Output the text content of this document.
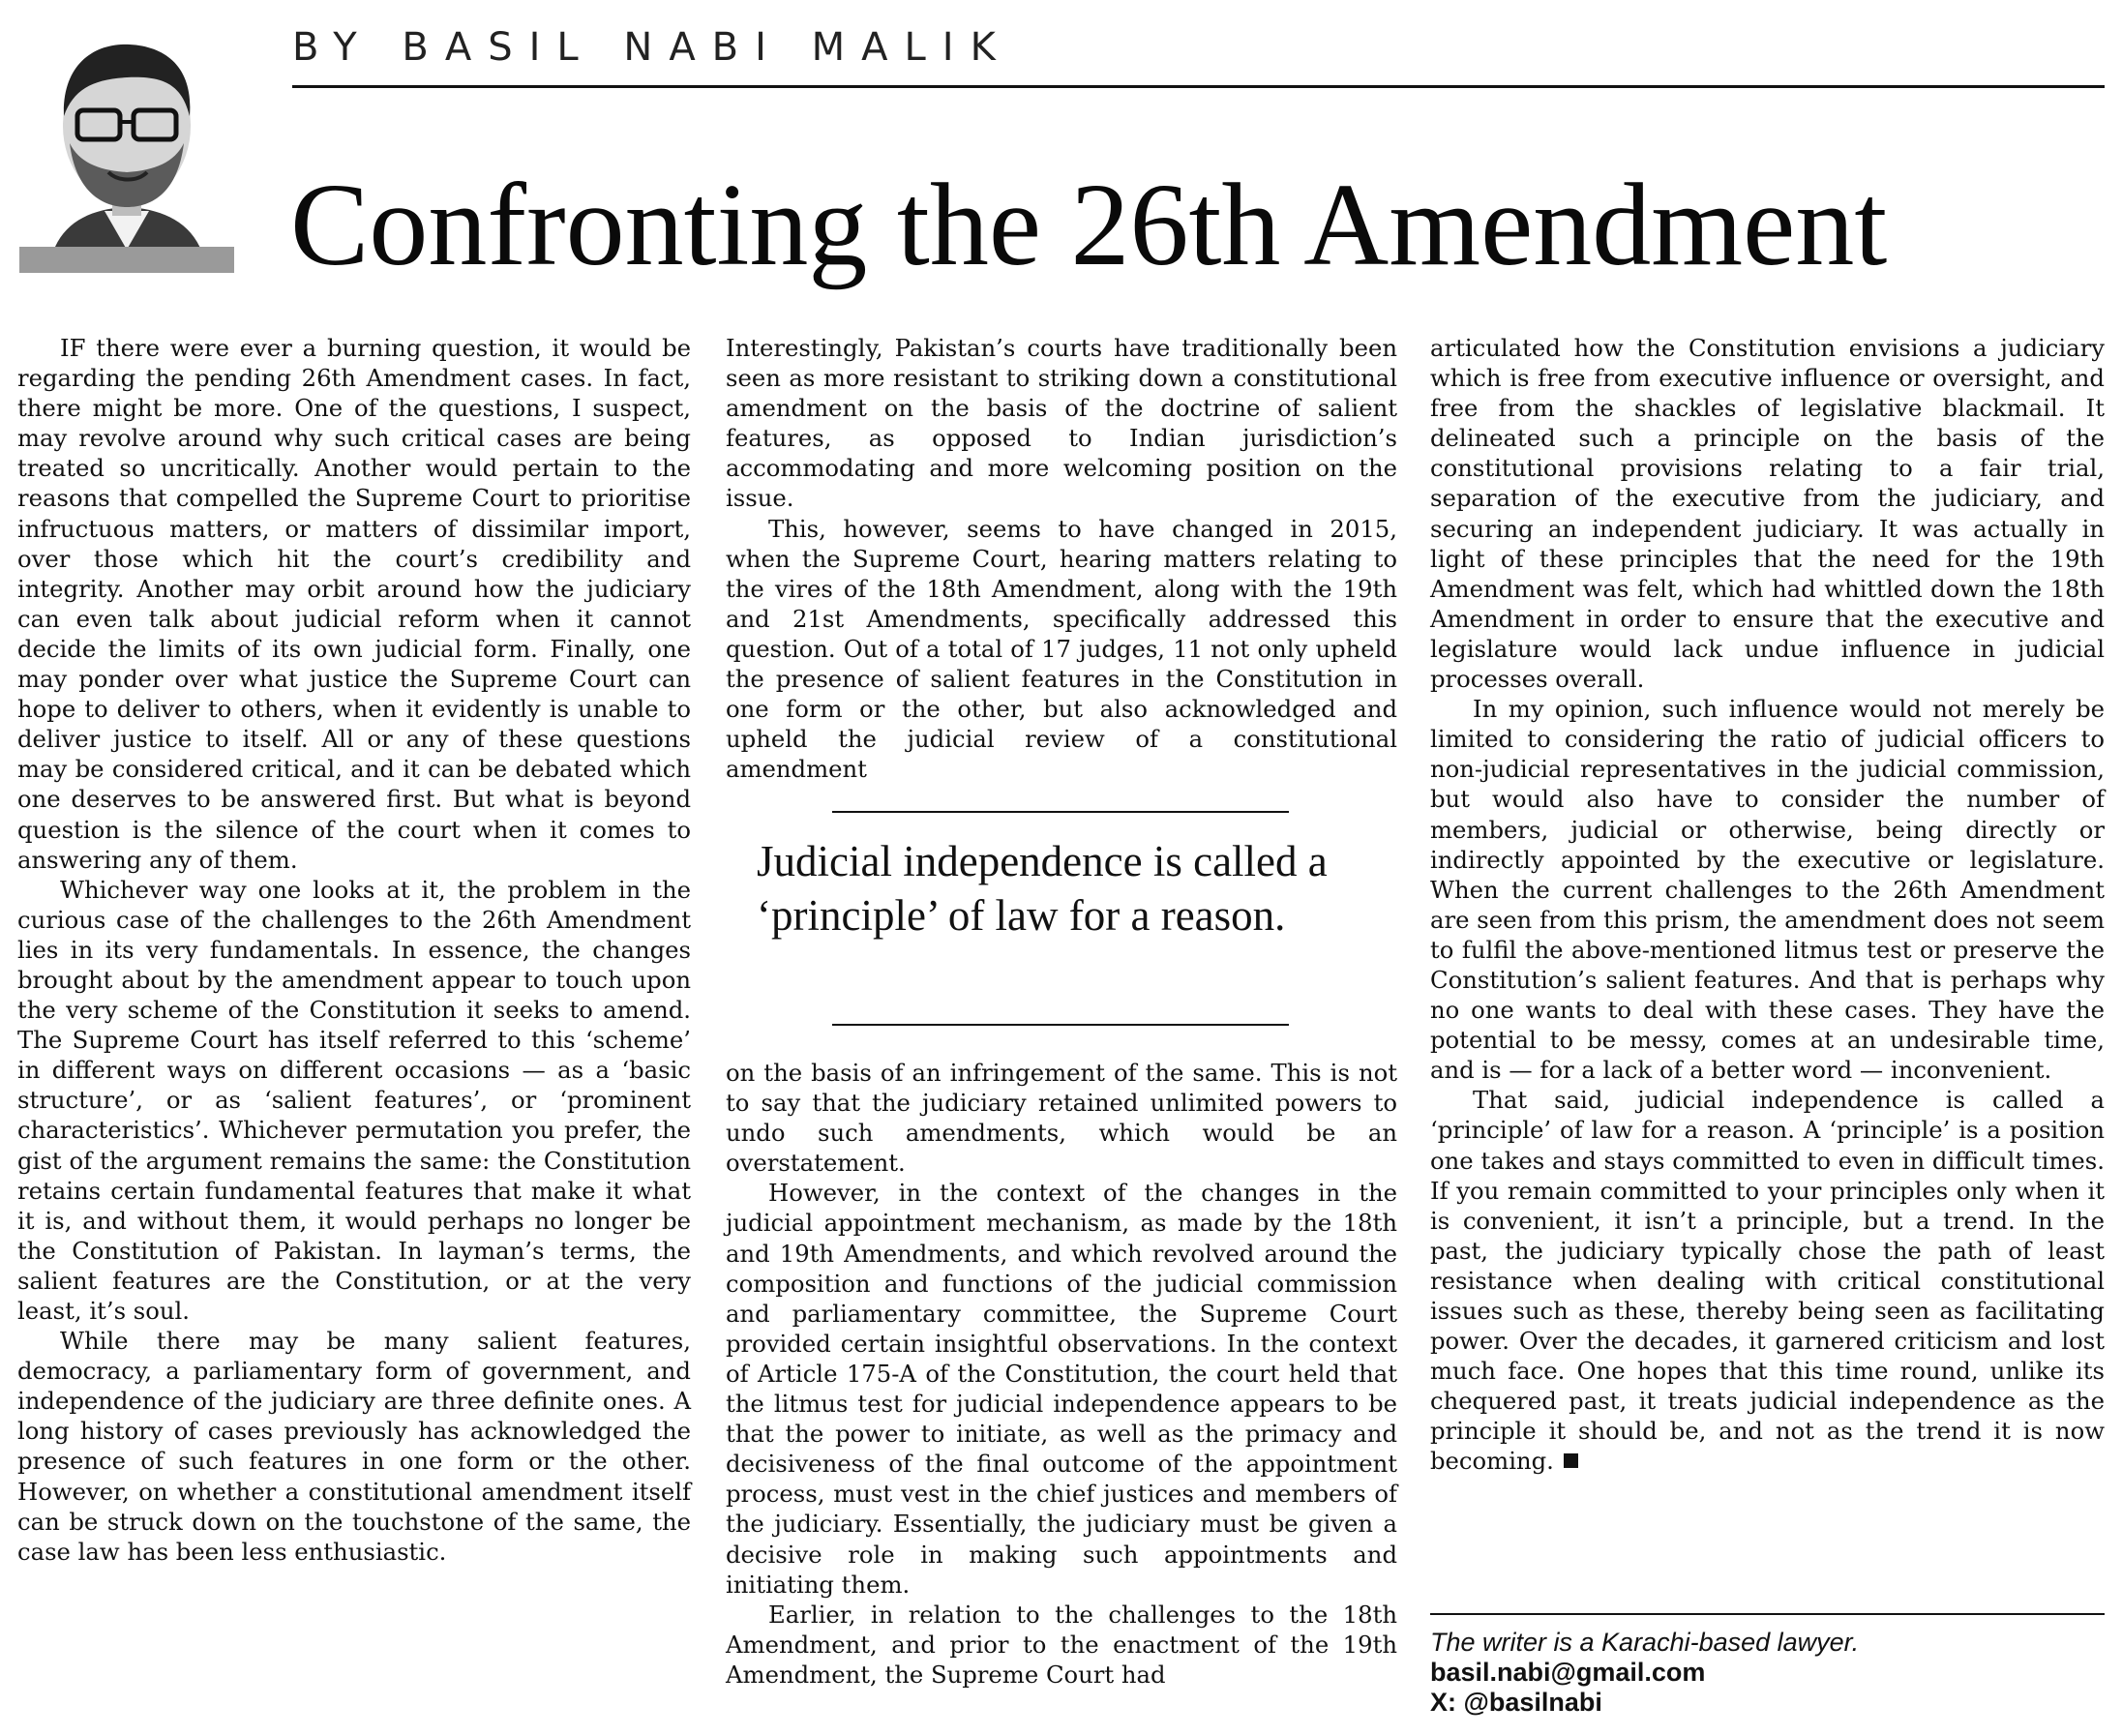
BY BASIL NABI MALIK
Confronting the 26th Amendment

IF there were ever a burning question, it would be regarding the pending 26th Amendment cases. In fact, there might be more. One of the questions, I suspect, may revolve around why such critical cases are being treated so uncritically. Another would pertain to the reasons that compelled the Supreme Court to prioritise infructuous matters, or matters of dissimilar import, over those which hit the court’s credibility and integrity. Another may orbit around how the judiciary can even talk about judicial reform when it cannot decide the limits of its own judicial form. Finally, one may ponder over what justice the Supreme Court can hope to deliver to others, when it evidently is unable to deliver justice to itself. All or any of these questions may be considered critical, and it can be debated which one deserves to be answered first. But what is beyond question is the silence of the court when it comes to answering any of them.

Whichever way one looks at it, the problem in the curious case of the challenges to the 26th Amendment lies in its very fundamentals. In essence, the changes brought about by the amendment appear to touch upon the very scheme of the Constitution it seeks to amend. The Supreme Court has itself referred to this ‘scheme’ in different ways on different occasions — as a ‘basic structure’, or as ‘salient features’, or ‘prominent characteristics’. Whichever permutation you prefer, the gist of the argument remains the same: the Constitution retains certain fundamental features that make it what it is, and without them, it would perhaps no longer be the Constitution of Pakistan. In layman’s terms, the salient features are the Constitution, or at the very least, it’s soul.

While there may be many salient features, democracy, a parliamentary form of government, and independence of the judiciary are three definite ones. A long history of cases previously has acknowledged the presence of such features in one form or the other. However, on whether a constitutional amendment itself can be struck down on the touchstone of the same, the case law has been less enthusiastic.

Interestingly, Pakistan’s courts have traditionally been seen as more resistant to striking down a constitutional amendment on the basis of the doctrine of salient features, as opposed to Indian jurisdiction’s accommodating and more welcoming position on the issue.

This, however, seems to have changed in 2015, when the Supreme Court, hearing matters relating to the vires of the 18th Amendment, along with the 19th and 21st Amendments, specifically addressed this question. Out of a total of 17 judges, 11 not only upheld the presence of salient features in the Constitution in one form or the other, but also acknowledged and upheld the judicial review of a constitutional amendment

on the basis of an infringement of the same. This is not to say that the judiciary retained unlimited powers to undo such amendments, which would be an overstatement.

However, in the context of the changes in the judicial appointment mechanism, as made by the 18th and 19th Amendments, and which revolved around the composition and functions of the judicial commission and parliamentary committee, the Supreme Court provided certain insightful observations. In the context of Article 175-A of the Constitution, the court held that the litmus test for judicial independence appears to be that the power to initiate, as well as the primacy and decisiveness of the final outcome of the appointment process, must vest in the chief justices and members of the judiciary. Essentially, the judiciary must be given a decisive role in making such appointments and initiating them.

Earlier, in relation to the challenges to the 18th Amendment, and prior to the enactment of the 19th Amendment, the Supreme Court had

Judicial independence is called a ‘principle’ of law for a reason.

articulated how the Constitution envisions a judiciary which is free from executive influence or oversight, and free from the shackles of legislative blackmail. It delineated such a principle on the basis of the constitutional provisions relating to a fair trial, separation of the executive from the judiciary, and securing an independent judiciary. It was actually in light of these principles that the need for the 19th Amendment was felt, which had whittled down the 18th Amendment in order to ensure that the executive and legislature would lack undue influence in judicial processes overall.

In my opinion, such influence would not merely be limited to considering the ratio of judicial officers to non-judicial representatives in the judicial commission, but would also have to consider the number of members, judicial or otherwise, being directly or indirectly appointed by the executive or legislature. When the current challenges to the 26th Amendment are seen from this prism, the amendment does not seem to fulfil the above-mentioned litmus test or preserve the Constitution’s salient features. And that is perhaps why no one wants to deal with these cases. They have the potential to be messy, comes at an undesirable time, and is — for a lack of a better word — inconvenient.

That said, judicial independence is called a ‘principle’ of law for a reason. A ‘principle’ is a position one takes and stays committed to even in difficult times. If you remain committed to your principles only when it is convenient, it isn’t a principle, but a trend. In the past, the judiciary typically chose the path of least resistance when dealing with critical constitutional issues such as these, thereby being seen as facilitating power. Over the decades, it garnered criticism and lost much face. One hopes that this time round, unlike its chequered past, it treats judicial independence as the principle it should be, and not as the trend it is now becoming.

The writer is a Karachi-based lawyer.
basil.nabi@gmail.com
X: @basilnabi
